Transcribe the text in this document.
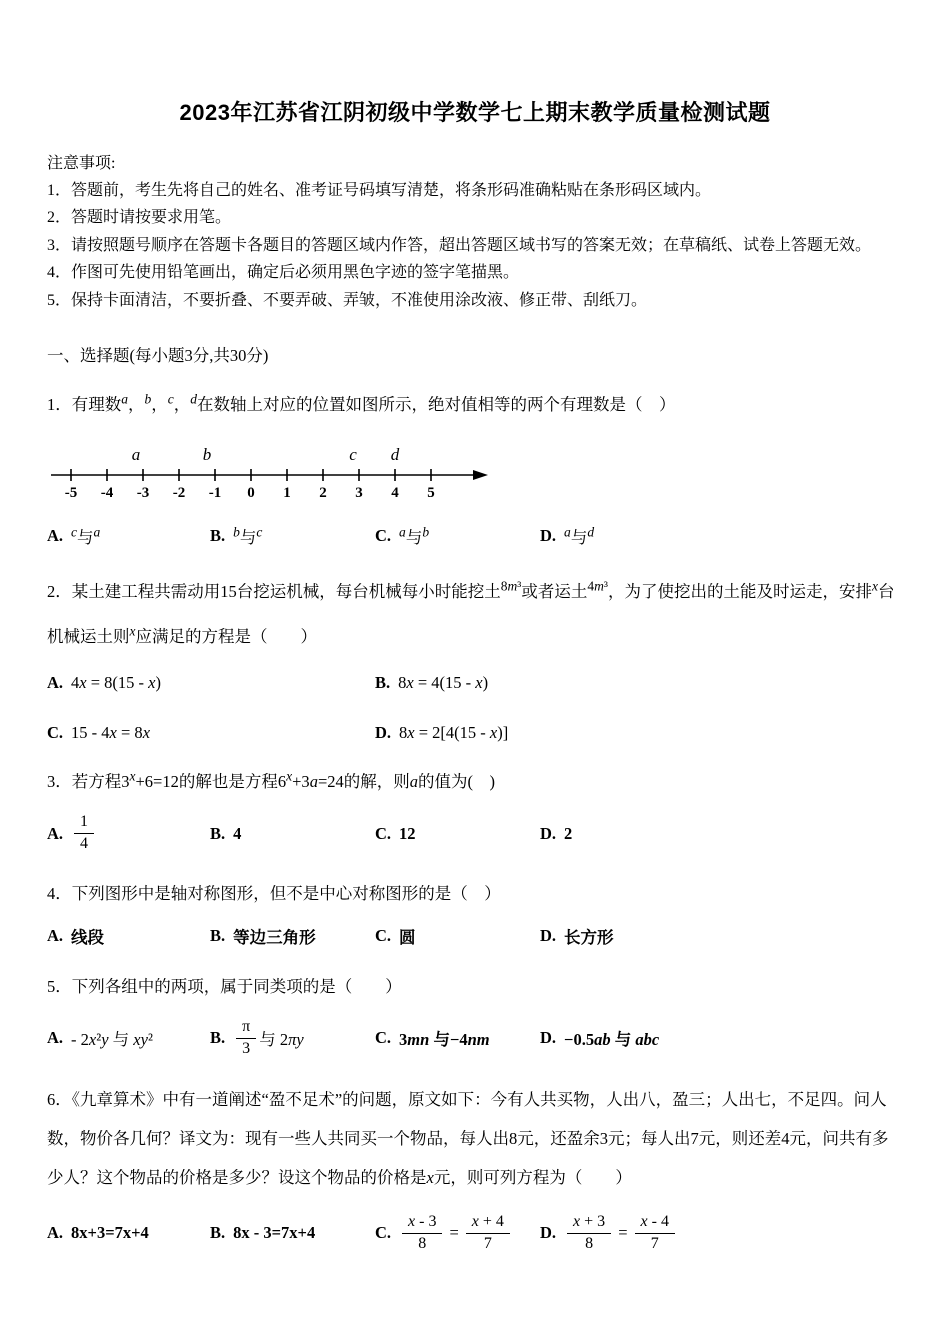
2023年江苏省江阴初级中学数学七上期末教学质量检测试题
注意事项:
1．答题前，考生先将自己的姓名、准考证号码填写清楚，将条形码准确粘贴在条形码区域内。
2．答题时请按要求用笔。
3．请按照题号顺序在答题卡各题目的答题区域内作答，超出答题区域书写的答案无效；在草稿纸、试卷上答题无效。
4．作图可先使用铅笔画出，确定后必须用黑色字迹的签字笔描黑。
5．保持卡面清洁，不要折叠、不要弄破、弄皱，不准使用涂改液、修正带、刮纸刀。
一、选择题(每小题3分,共30分)

1．有理数$^a$，$^b$，$^c$，$^d$在数轴上对应的位置如图所示，绝对值相等的两个有理数是（　）

-5 -4 -3 -2 -1 0 1 2 3 4 5
a	b	c d
A. $^c$与$^a$	B. $^b$与$^c$	C. $^a$与$^b$	D. $^a$与$^d$

2．某土建工程共需动用15台挖运机械，每台机械每小时能挖土$^{8m^3}$或者运土$^{4m^3}$，为了使挖出的土能及时运走，安排$^x$台机械运土则$^x$应满足的方程是（　　）

A. 4x = 8(15 - x)	B. 8x = 4(15 - x)
C. 15 - 4x = 8x	D. 8x = 2[4(15 - x)]

3．若方程$3^x+6=12$的解也是方程$6^x+3a=24$的解，则a的值为(　)

A. $\frac{1}{4}$	B. 4	C. 12	D. 2

4．下列图形中是轴对称图形，但不是中心对称图形的是（　）

A. 线段	B. 等边三角形	C. 圆	D. 长方形

5．下列各组中的两项，属于同类项的是（　　）

A. - 2x²y 与 xy²	B. $\frac{\pi}{3}$ 与 2πy	C. 3mn 与−4nm	D. −0.5ab 与 abc

6．《九章算术》中有一道阐述“盈不足术”的问题，原文如下：今有人共买物，人出八，盈三；人出七，不足四。问人数，物价各几何？译文为：现有一些人共同买一个物品，每人出8元，还盈余3元；每人出7元，则还差4元，问共有多少人？这个物品的价格是多少？设这个物品的价格是x元，则可列方程为（　　）

A. 8x+3=7x+4	B. 8x - 3=7x+4	C. $\frac{x - 3}{8} = \frac{x + 4}{7} D$. $\frac{x + 3}{8} = \frac{x - 4}{7}$
